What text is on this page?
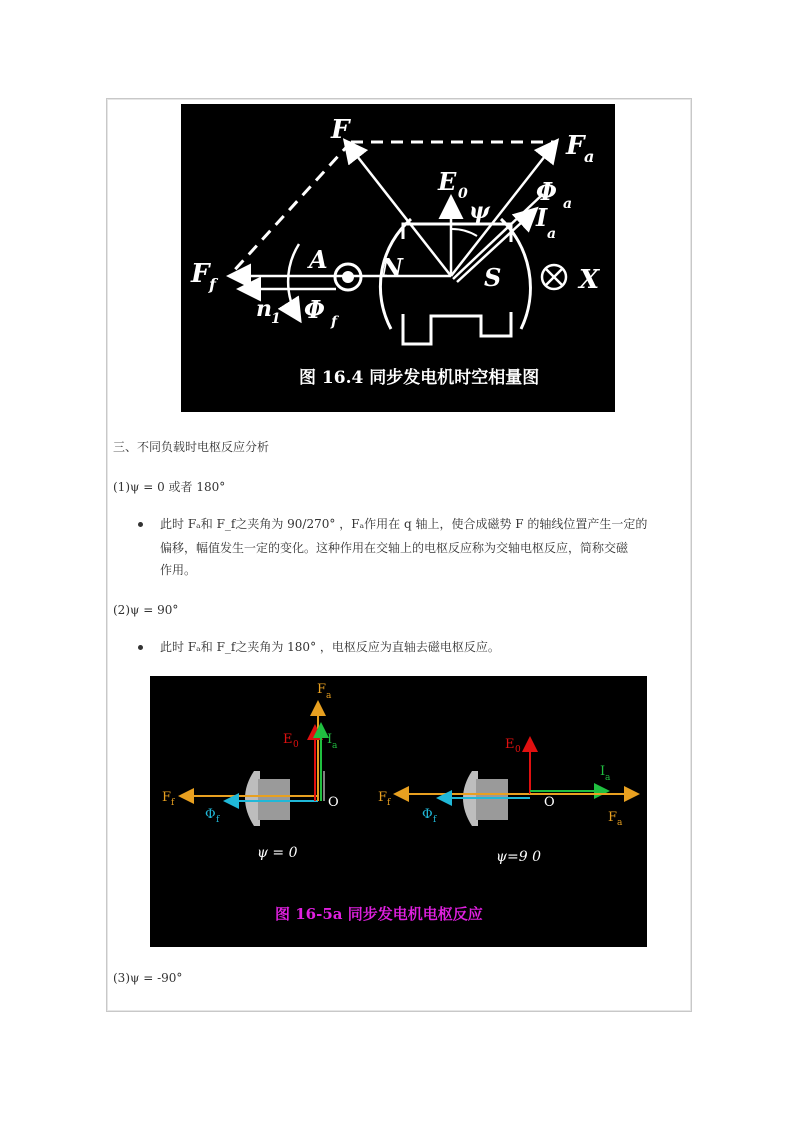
F
F a
E 0	Φ a
I
a
ψ
F f
A N	S	X
n 1 Φ f
图 16.4 同步发电机时空相量图
三、不同负载时电枢反应分析
(1)ψ = 0 或者 180°
此时 Fₐ和 F_f之夹角为 90/270° ，Fₐ作用在 q 轴上，使合成磁势 F 的轴线位置产生一定的
偏移，幅值发生一定的变化。这种作用在交轴上的电枢反应称为交轴电枢反应，简称交磁
作用。
(2)ψ = 90°
此时 Fₐ和 F_f之夹角为 180° ，电枢反应为直轴去磁电枢反应。
F a
E 0 I a
F f
Φ f
O
ψ = 0
F f
Φ f
E 0
I a
F a
O
ψ=9 0
图 16-5a 同步发电机电枢反应
(3)ψ = -90°
